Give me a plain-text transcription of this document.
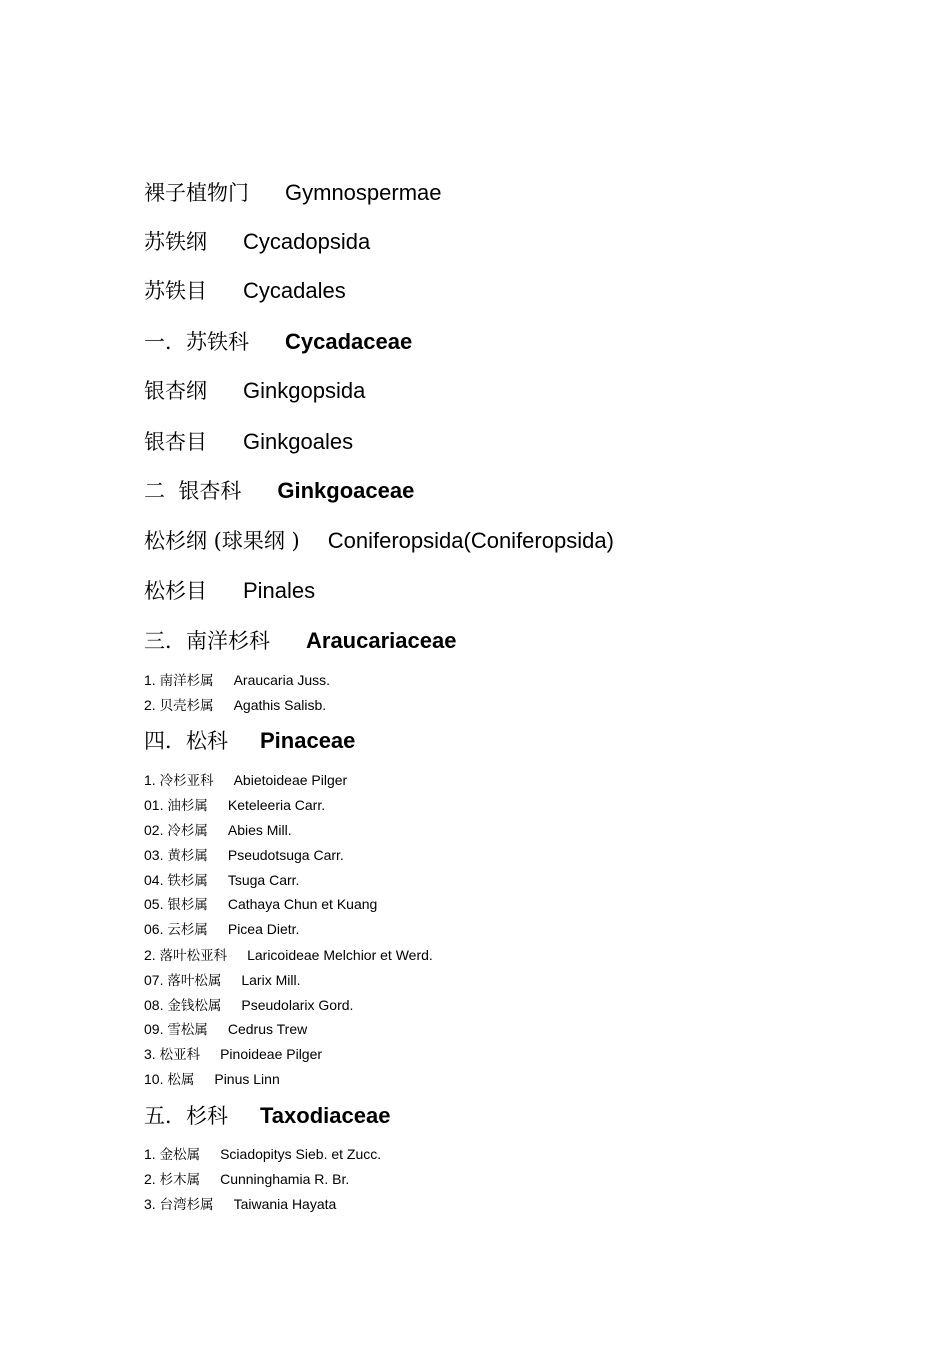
裸子植物门 Gymnospermae
苏铁纲 Cycadopsida
苏铁目 Cycadales
一．苏铁科 Cycadaceae
银杏纲 Ginkgopsida
银杏目 Ginkgoales
二  银杏科 Ginkgoaceae
松杉纲 (球果纲 ) Coniferopsida(Coniferopsida)
松杉目 Pinales
三．南洋杉科 Araucariaceae
1. 南洋杉属 Araucaria Juss.
2. 贝壳杉属 Agathis Salisb.
四．松科 Pinaceae
1. 冷杉亚科 Abietoideae Pilger
01. 油杉属 Keteleeria Carr.
02. 冷杉属 Abies Mill.
03. 黄杉属 Pseudotsuga Carr.
04. 铁杉属 Tsuga Carr.
05. 银杉属 Cathaya Chun et Kuang
06. 云杉属 Picea Dietr.
2. 落叶松亚科 Laricoideae Melchior et Werd.
07. 落叶松属 Larix Mill.
08. 金钱松属 Pseudolarix Gord.
09. 雪松属 Cedrus Trew
3. 松亚科 Pinoideae Pilger
10. 松属 Pinus Linn
五．杉科 Taxodiaceae
1. 金松属 Sciadopitys Sieb. et Zucc.
2. 杉木属 Cunninghamia R. Br.
3. 台湾杉属 Taiwania Hayata
